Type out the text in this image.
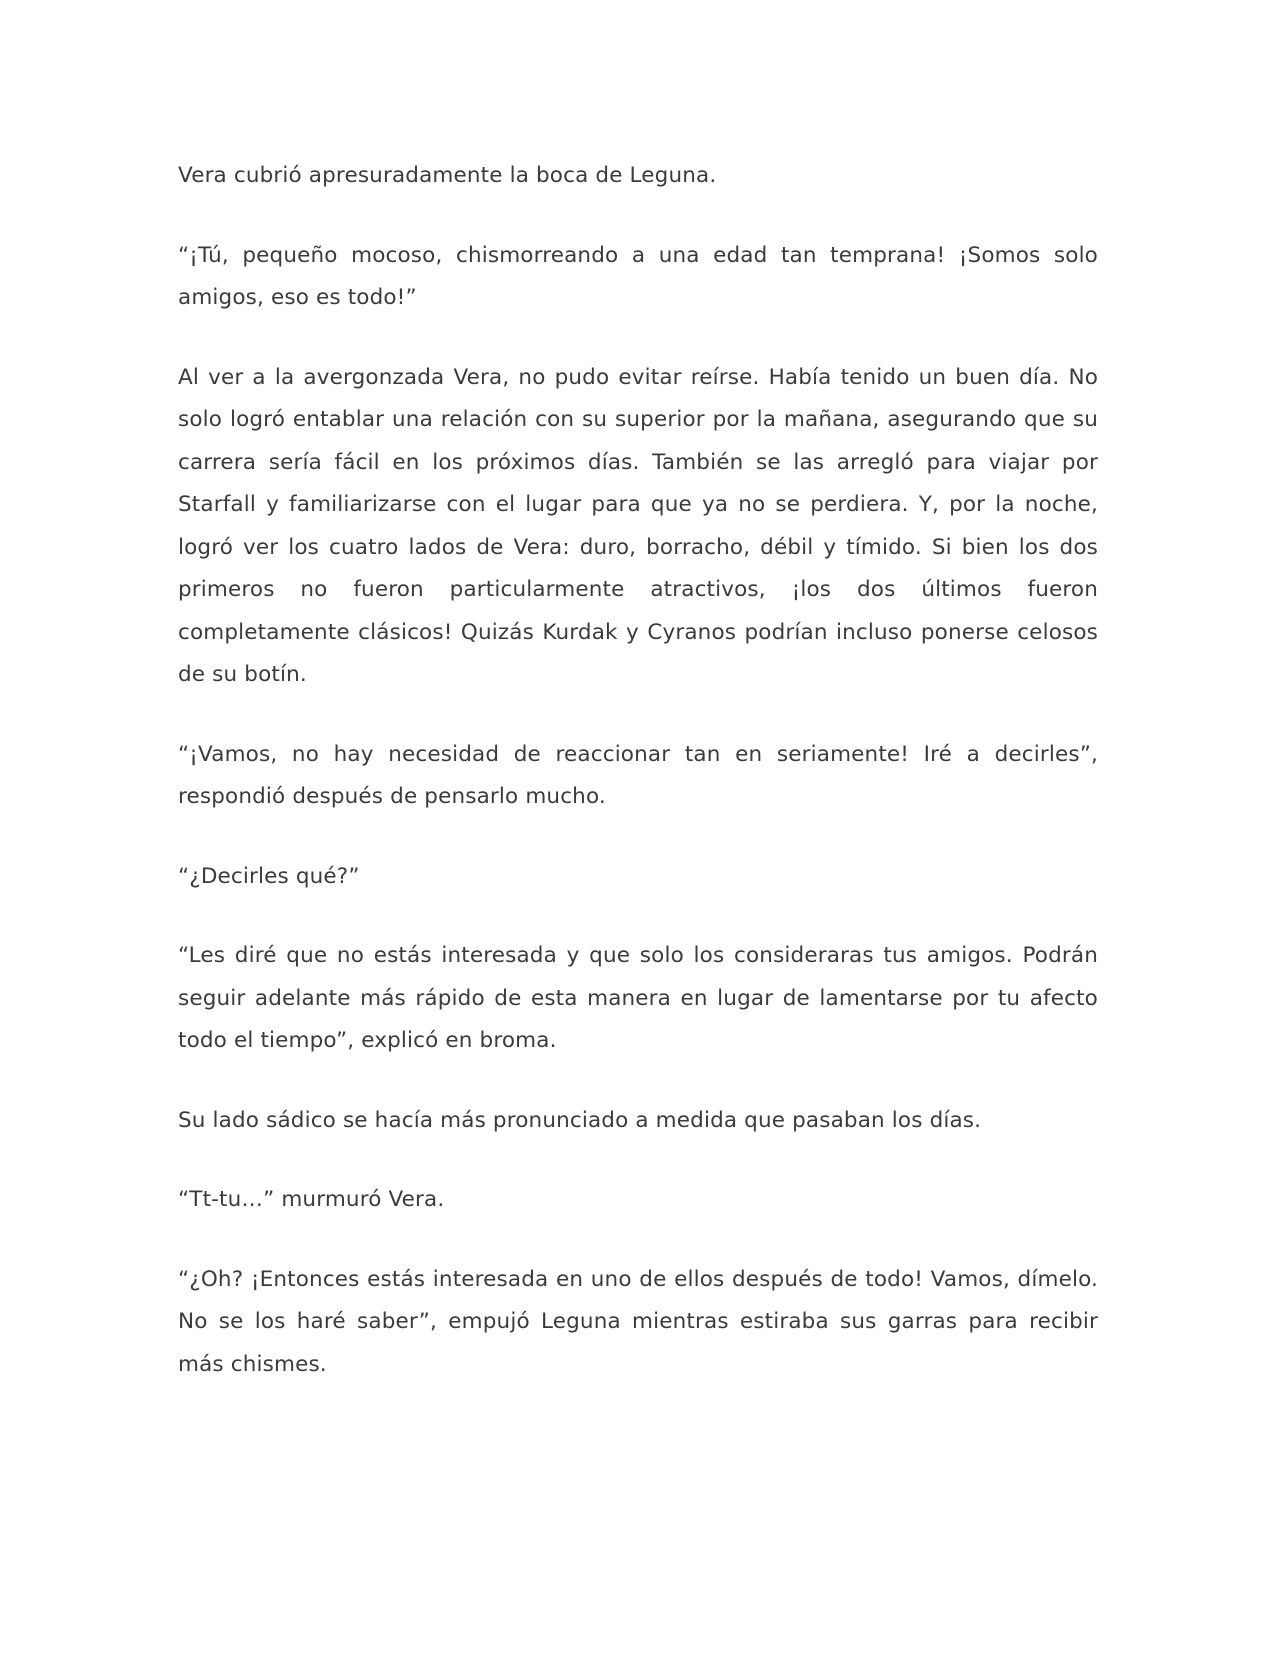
Vera cubrió apresuradamente la boca de Leguna.

“¡Tú, pequeño mocoso, chismorreando a una edad tan temprana! ¡Somos solo amigos, eso es todo!”

Al ver a la avergonzada Vera, no pudo evitar reírse. Había tenido un buen día. No solo logró entablar una relación con su superior por la mañana, asegurando que su carrera sería fácil en los próximos días. También se las arregló para viajar por Starfall y familiarizarse con el lugar para que ya no se perdiera. Y, por la noche, logró ver los cuatro lados de Vera: duro, borracho, débil y tímido. Si bien los dos primeros no fueron particularmente atractivos, ¡los dos últimos fueron completamente clásicos! Quizás Kurdak y Cyranos podrían incluso ponerse celosos de su botín.

“¡Vamos, no hay necesidad de reaccionar tan en seriamente! Iré a decirles”, respondió después de pensarlo mucho.

“¿Decirles qué?”

“Les diré que no estás interesada y que solo los consideraras tus amigos. Podrán seguir adelante más rápido de esta manera en lugar de lamentarse por tu afecto todo el tiempo”, explicó en broma.

Su lado sádico se hacía más pronunciado a medida que pasaban los días.

“Tt-tu…” murmuró Vera.

“¿Oh? ¡Entonces estás interesada en uno de ellos después de todo! Vamos, dímelo. No se los haré saber”, empujó Leguna mientras estiraba sus garras para recibir más chismes.
